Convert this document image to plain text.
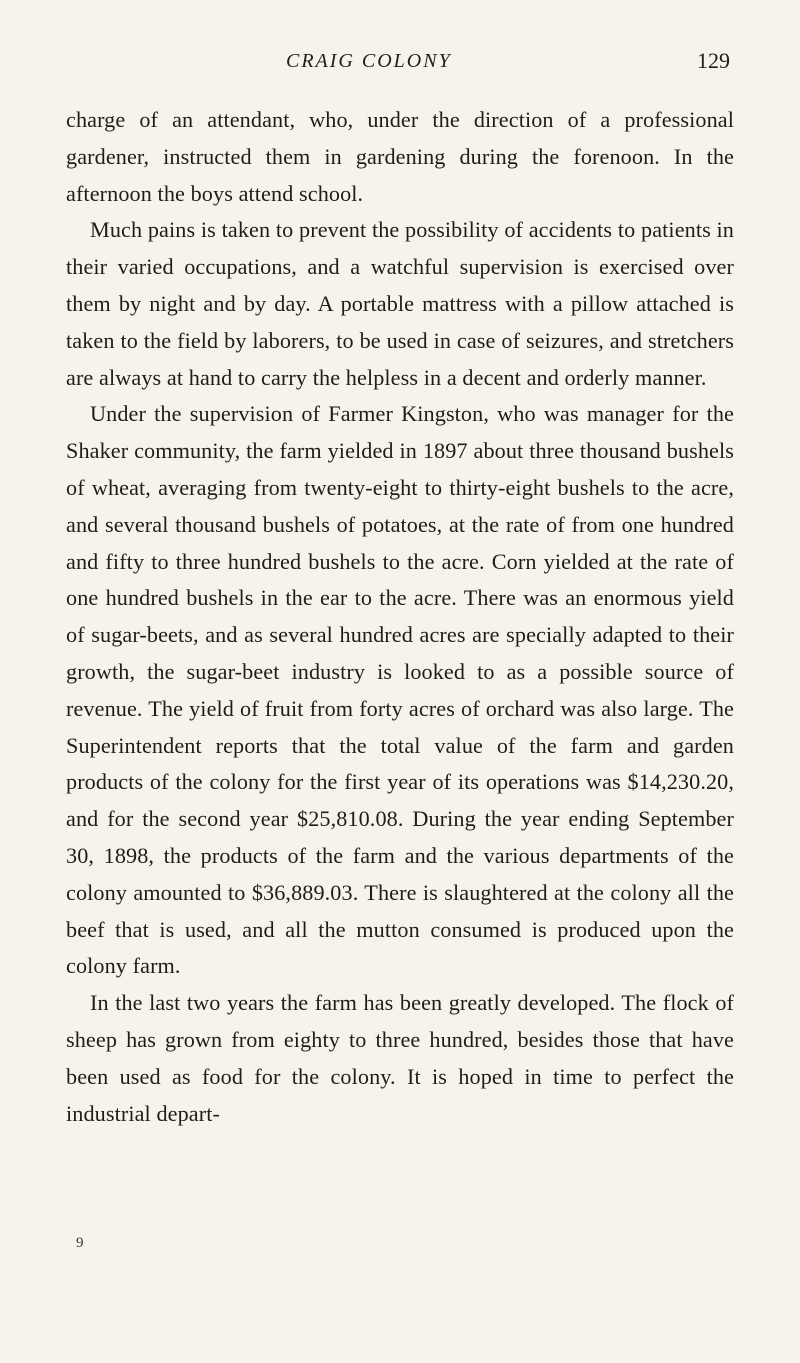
CRAIG COLONY	129

charge of an attendant, who, under the direction of a professional gardener, instructed them in gardening during the forenoon. In the afternoon the boys attend school.

Much pains is taken to prevent the possibility of accidents to patients in their varied occupations, and a watchful supervision is exercised over them by night and by day. A portable mattress with a pillow attached is taken to the field by laborers, to be used in case of seizures, and stretchers are always at hand to carry the helpless in a decent and orderly manner.

Under the supervision of Farmer Kingston, who was manager for the Shaker community, the farm yielded in 1897 about three thousand bushels of wheat, averaging from twenty-eight to thirty-eight bushels to the acre, and several thousand bushels of potatoes, at the rate of from one hundred and fifty to three hundred bushels to the acre. Corn yielded at the rate of one hundred bushels in the ear to the acre. There was an enormous yield of sugar-beets, and as several hundred acres are specially adapted to their growth, the sugar-beet industry is looked to as a possible source of revenue. The yield of fruit from forty acres of orchard was also large. The Superintendent reports that the total value of the farm and garden products of the colony for the first year of its operations was $14,230.20, and for the second year $25,810.08. During the year ending September 30, 1898, the products of the farm and the various departments of the colony amounted to $36,889.03. There is slaughtered at the colony all the beef that is used, and all the mutton consumed is produced upon the colony farm.

In the last two years the farm has been greatly developed. The flock of sheep has grown from eighty to three hundred, besides those that have been used as food for the colony. It is hoped in time to perfect the industrial depart-

9
